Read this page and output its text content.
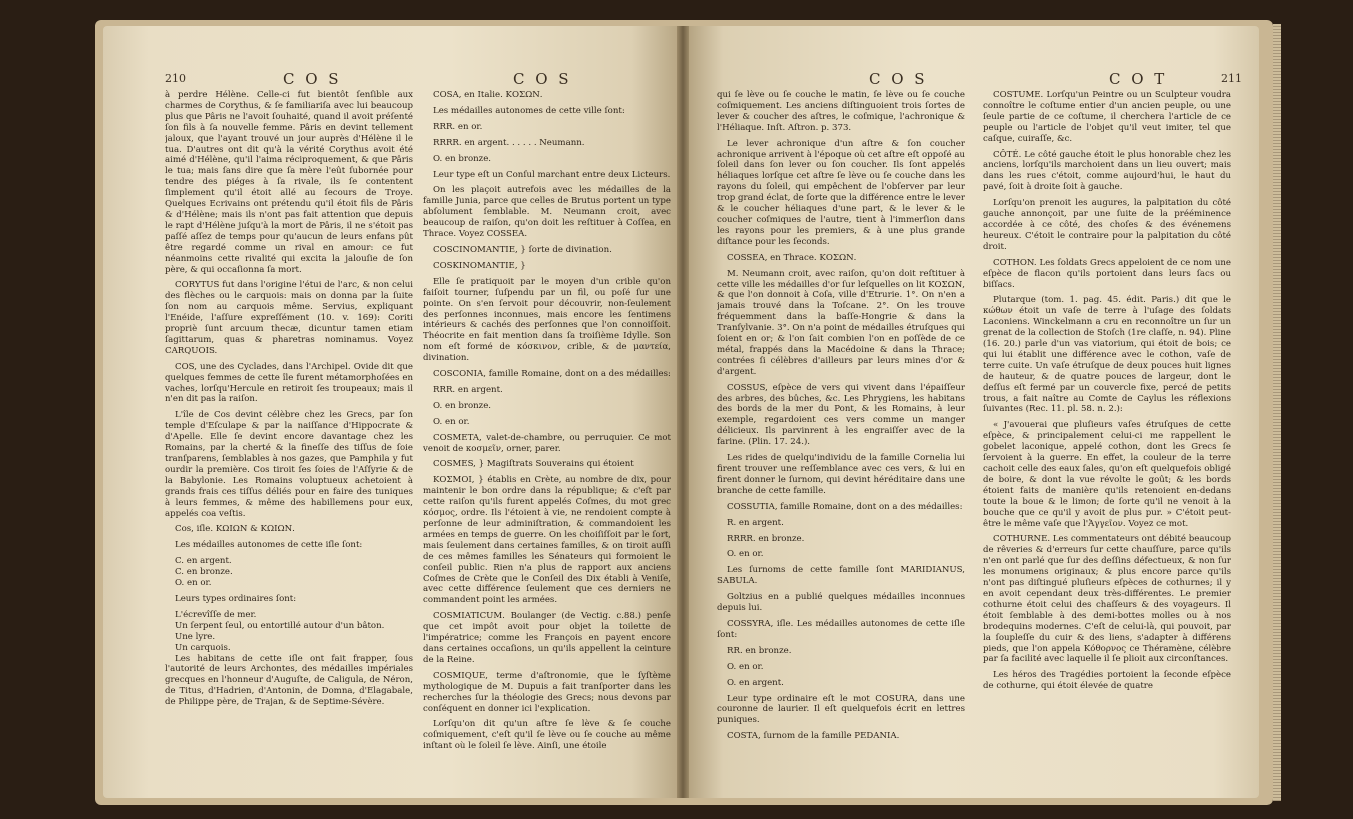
210	C O S	C O S

à perdre Hélène. Celle-ci fut bientôt ſenſible aux charmes de Corythus, & ſe familiariſa avec lui beaucoup plus que Pâris ne l'avoit ſouhaité, quand il avoit préſenté ſon fils à ſa nouvelle femme. Pâris en devint tellement jaloux, que l'ayant trouvé un jour auprès d'Hélène il le tua. D'autres ont dit qu'à la vérité Corythus avoit été aimé d'Hélène, qu'il l'aima réciproquement, & que Pâris le tua; mais ſans dire que ſa mère l'eût ſubornée pour tendre des piéges à ſa rivale, ils ſe contentent ſimplement qu'il étoit allé au ſecours de Troye. Quelques Ecrivains ont prétendu qu'il étoit fils de Pâris & d'Hélène; mais ils n'ont pas fait attention que depuis le rapt d'Hélène juſqu'à la mort de Pâris, il ne s'étoit pas paſſé aſſez de temps pour qu'aucun de leurs enfans pût être regardé comme un rival en amour: ce fut néanmoins cette rivalité qui excita la jalouſie de ſon père, & qui occaſionna ſa mort.

CORYTUS fut dans l'origine l'étui de l'arc, & non celui des flèches ou le carquois: mais on donna par la ſuite ſon nom au carquois même. Servius, expliquant l'Enéide, l'aſſure expreſſément (10. v. 169): Coriti propriè ſunt arcuum thecæ, dicuntur tamen etiam ſagittarum, quas & pharetras nominamus. Voyez CARQUOIS.

COS, une des Cyclades, dans l'Archipel. Ovide dit que quelques femmes de cette île furent métamorphoſées en vaches, lorſqu'Hercule en retiroit ſes troupeaux; mais il n'en dit pas la raiſon.

L'île de Cos devint célèbre chez les Grecs, par ſon temple d'Eſculape & par la naiſſance d'Hippocrate & d'Apelle. Elle ſe devint encore davantage chez les Romains, par la cherté & la fineſſe des tiſſus de ſoie tranſparens, ſemblables à nos gazes, que Pamphila y fut ourdir la première. Cos tiroit ſes ſoies de l'Aſſyrie & de la Babylonie. Les Romains voluptueux achetoient à grands frais ces tiſſus déliés pour en faire des tuniques à leurs femmes, & même des habillemens pour eux, appelés coa veſtis.

Cos, iſle. ΚΩΙΩΝ & ΚΩΙΩΝ.

Les médailles autonomes de cette iſle ſont:

C. en argent.

C. en bronze.

O. en or.

Leurs types ordinaires ſont:

L'écrevîſſe de mer.

Un ſerpent ſeul, ou entortillé autour d'un bâton.

Une lyre.

Un carquois.

Les habitans de cette iſle ont fait frapper, ſous l'autorité de leurs Archontes, des médailles impériales grecques en l'honneur d'Auguſte, de Caligula, de Néron, de Titus, d'Hadrien, d'Antonin, de Domna, d'Elagabale, de Philippe père, de Trajan, & de Septime-Sévère.

COSA, en Italie. ΚΟΣΩΝ.

Les médailles autonomes de cette ville ſont:

RRR. en or.

RRRR. en argent. . . . . . Neumann.

O. en bronze.

Leur type eſt un Conſul marchant entre deux Licteurs.

On les plaçoit autrefois avec les médailles de la famille Junia, parce que celles de Brutus portent un type abſolument ſemblable. M. Neumann croit, avec beaucoup de raiſon, qu'on doit les reſtituer à Coſſea, en Thrace. Voyez COSSEA.

COSCINOMANTIE, } ſorte de divination.

COSKINOMANTIE, }

Elle ſe pratiquoit par le moyen d'un crible qu'on faiſoit tourner, ſuſpendu par un fil, ou poſé ſur une pointe. On s'en ſervoit pour découvrir, non-ſeulement des perſonnes inconnues, mais encore les ſentimens intérieurs & cachés des perſonnes que l'on connoiſſoit. Théocrite en fait mention dans ſa troiſième Idylle. Son nom eſt formé de κόσκινον, crible, & de μαντεία, divination.

COSCONIA, famille Romaine, dont on a des médailles:

RRR. en argent.

O. en bronze.

O. en or.

COSMETA, valet-de-chambre, ou perruquier. Ce mot venoit de κοσμεῖν, orner, parer.

COSMES, } Magiſtrats Souverains qui étoient

ΚΟΣΜΟΙ, } établis en Crète, au nombre de dix, pour maintenir le bon ordre dans la république; & c'eſt par cette raiſon qu'ils furent appelés Coſmes, du mot grec κόσμος, ordre. Ils l'étoient à vie, ne rendoient compte à perſonne de leur adminiſtration, & commandoient les armées en temps de guerre. On les choiſiſſoit par le ſort, mais ſeulement dans certaines familles, & on tiroit auſſi de ces mêmes familles les Sénateurs qui formoient le conſeil public. Rien n'a plus de rapport aux anciens Coſmes de Crète que le Conſeil des Dix établi à Veniſe, avec cette différence ſeulement que ces derniers ne commandent point les armées.

COSMIATICUM. Boulanger (de Vectig. c.88.) penſe que cet impôt avoit pour objet la toilette de l'impératrice; comme les François en payent encore dans certaines occaſions, un qu'ils appellent la ceinture de la Reine.

COSMIQUE, terme d'aſtronomie, que le ſyſtème mythologique de M. Dupuis a fait tranſporter dans les recherches ſur la théologie des Grecs; nous devons par conſéquent en donner ici l'explication.

Lorſqu'on dit qu'un aſtre ſe lève & ſe couche coſmiquement, c'eſt qu'il ſe lève ou ſe couche au même inſtant où le ſoleil ſe lève. Ainſi, une étoile

C O S	C O T	211

qui ſe lève ou ſe couche le matin, ſe lève ou ſe couche coſmiquement. Les anciens diſtinguoient trois ſortes de lever & coucher des aſtres, le coſmique, l'achronique & l'Héliaque. Inſt. Aſtron. p. 373.

Le lever achronique d'un aſtre & ſon coucher achronique arrivent à l'époque où cet aſtre eſt oppoſé au ſoleil dans ſon lever ou ſon coucher. Ils ſont appelés héliaques lorſque cet aſtre ſe lève ou ſe couche dans les rayons du ſoleil, qui empêchent de l'obſerver par leur trop grand éclat, de ſorte que la différence entre le lever & le coucher héliaques d'une part, & le lever & le coucher coſmiques de l'autre, tient à l'immerſion dans les rayons pour les premiers, & à une plus grande diſtance pour les ſeconds.

COSSEA, en Thrace. ΚΟΣΩΝ.

M. Neumann croit, avec raiſon, qu'on doit reſtituer à cette ville les médailles d'or ſur leſquelles on lit ΚΟΣΩΝ, & que l'on donnoit à Coſa, ville d'Etrurie. 1°. On n'en a jamais trouvé dans la Toſcane. 2°. On les trouve fréquemment dans la baſſe-Hongrie & dans la Tranſylvanie. 3°. On n'a point de médailles étruſques qui ſoient en or; & l'on ſait combien l'on en poſſède de ce métal, frappés dans la Macédoine & dans la Thrace; contrées ſi célèbres d'ailleurs par leurs mines d'or & d'argent.

COSSUS, eſpèce de vers qui vivent dans l'épaiſſeur des arbres, des bûches, &c. Les Phrygiens, les habitans des bords de la mer du Pont, & les Romains, à leur exemple, regardoient ces vers comme un manger délicieux. Ils parvinrent à les engraiſſer avec de la farine. (Plin. 17. 24.).

Les rides de quelqu'individu de la famille Cornelia lui firent trouver une reſſemblance avec ces vers, & lui en firent donner le ſurnom, qui devint héréditaire dans une branche de cette famille.

COSSUTIA, famille Romaine, dont on a des médailles:

R. en argent.

RRRR. en bronze.

O. en or.

Les ſurnoms de cette famille ſont MARIDIANUS, SABULA.

Goltzius en a publié quelques médailles inconnues depuis lui.

COSSYRA, iſle. Les médailles autonomes de cette iſle ſont:

RR. en bronze.

O. en or.

O. en argent.

Leur type ordinaire eſt le mot COSURA, dans une couronne de laurier. Il eſt quelquefois écrit en lettres puniques.

COSTA, ſurnom de la famille PEDANIA.

COSTUME. Lorſqu'un Peintre ou un Sculpteur voudra connoître le coſtume entier d'un ancien peuple, ou une ſeule partie de ce coſtume, il cherchera l'article de ce peuple ou l'article de l'objet qu'il veut imiter, tel que caſque, cuiraſſe, &c.

CÔTÉ. Le côté gauche étoit le plus honorable chez les anciens, lorſqu'ils marchoient dans un lieu ouvert; mais dans les rues c'étoit, comme aujourd'hui, le haut du pavé, ſoit à droite ſoit à gauche.

Lorſqu'on prenoit les augures, la palpitation du côté gauche annonçoit, par une ſuite de la prééminence accordée à ce côté, des choſes & des événemens heureux. C'étoit le contraire pour la palpitation du côté droit.

COTHON. Les ſoldats Grecs appeloient de ce nom une eſpèce de flacon qu'ils portoient dans leurs ſacs ou biſſacs.

Plutarque (tom. 1. pag. 45. édit. Paris.) dit que le κώθων étoit un vaſe de terre à l'uſage des ſoldats Laconiens. Winckelmann a cru en reconnoître un ſur un grenat de la collection de Stoſch (1re claſſe, n. 94). Pline (16. 20.) parle d'un vas viatorium, qui étoit de bois; ce qui lui établit une différence avec le cothon, vaſe de terre cuite. Un vaſe étruſque de deux pouces huit lignes de hauteur, & de quatre pouces de largeur, dont le deſſus eſt fermé par un couvercle fixe, percé de petits trous, a fait naître au Comte de Caylus les réflexions ſuivantes (Rec. 11. pl. 58. n. 2.):

« J'avouerai que pluſieurs vaſes étruſques de cette eſpèce, & principalement celui-ci me rappellent le gobelet laconique, appelé cothon, dont les Grecs ſe ſervoient à la guerre. En effet, la couleur de la terre cachoit celle des eaux ſales, qu'on eſt quelquefois obligé de boire, & dont la vue révolte le goût; & les bords étoient faits de manière qu'ils retenoient en-dedans toute la boue & le limon; de ſorte qu'il ne venoit à la bouche que ce qu'il y avoit de plus pur. » C'étoit peut-être le même vaſe que l'Ἀγγεῖον. Voyez ce mot.

COTHURNE. Les commentateurs ont débité beaucoup de rêveries & d'erreurs ſur cette chauſſure, parce qu'ils n'en ont parlé que ſur des deſſins défectueux, & non ſur les monumens originaux; & plus encore parce qu'ils n'ont pas diſtingué pluſieurs eſpèces de cothurnes; il y en avoit cependant deux très-différentes. Le premier cothurne étoit celui des chaſſeurs & des voyageurs. Il étoit ſemblable à des demi-bottes molles ou à nos brodequins modernes. C'eſt de celui-là, qui pouvoit, par la ſoupleſſe du cuir & des liens, s'adapter à différens pieds, que l'on appela Κόθορνος ce Théramène, célèbre par ſa facilité avec laquelle il ſe plioit aux circonſtances.

Les héros des Tragédies portoient la ſeconde eſpèce de cothurne, qui étoit élevée de quatre
